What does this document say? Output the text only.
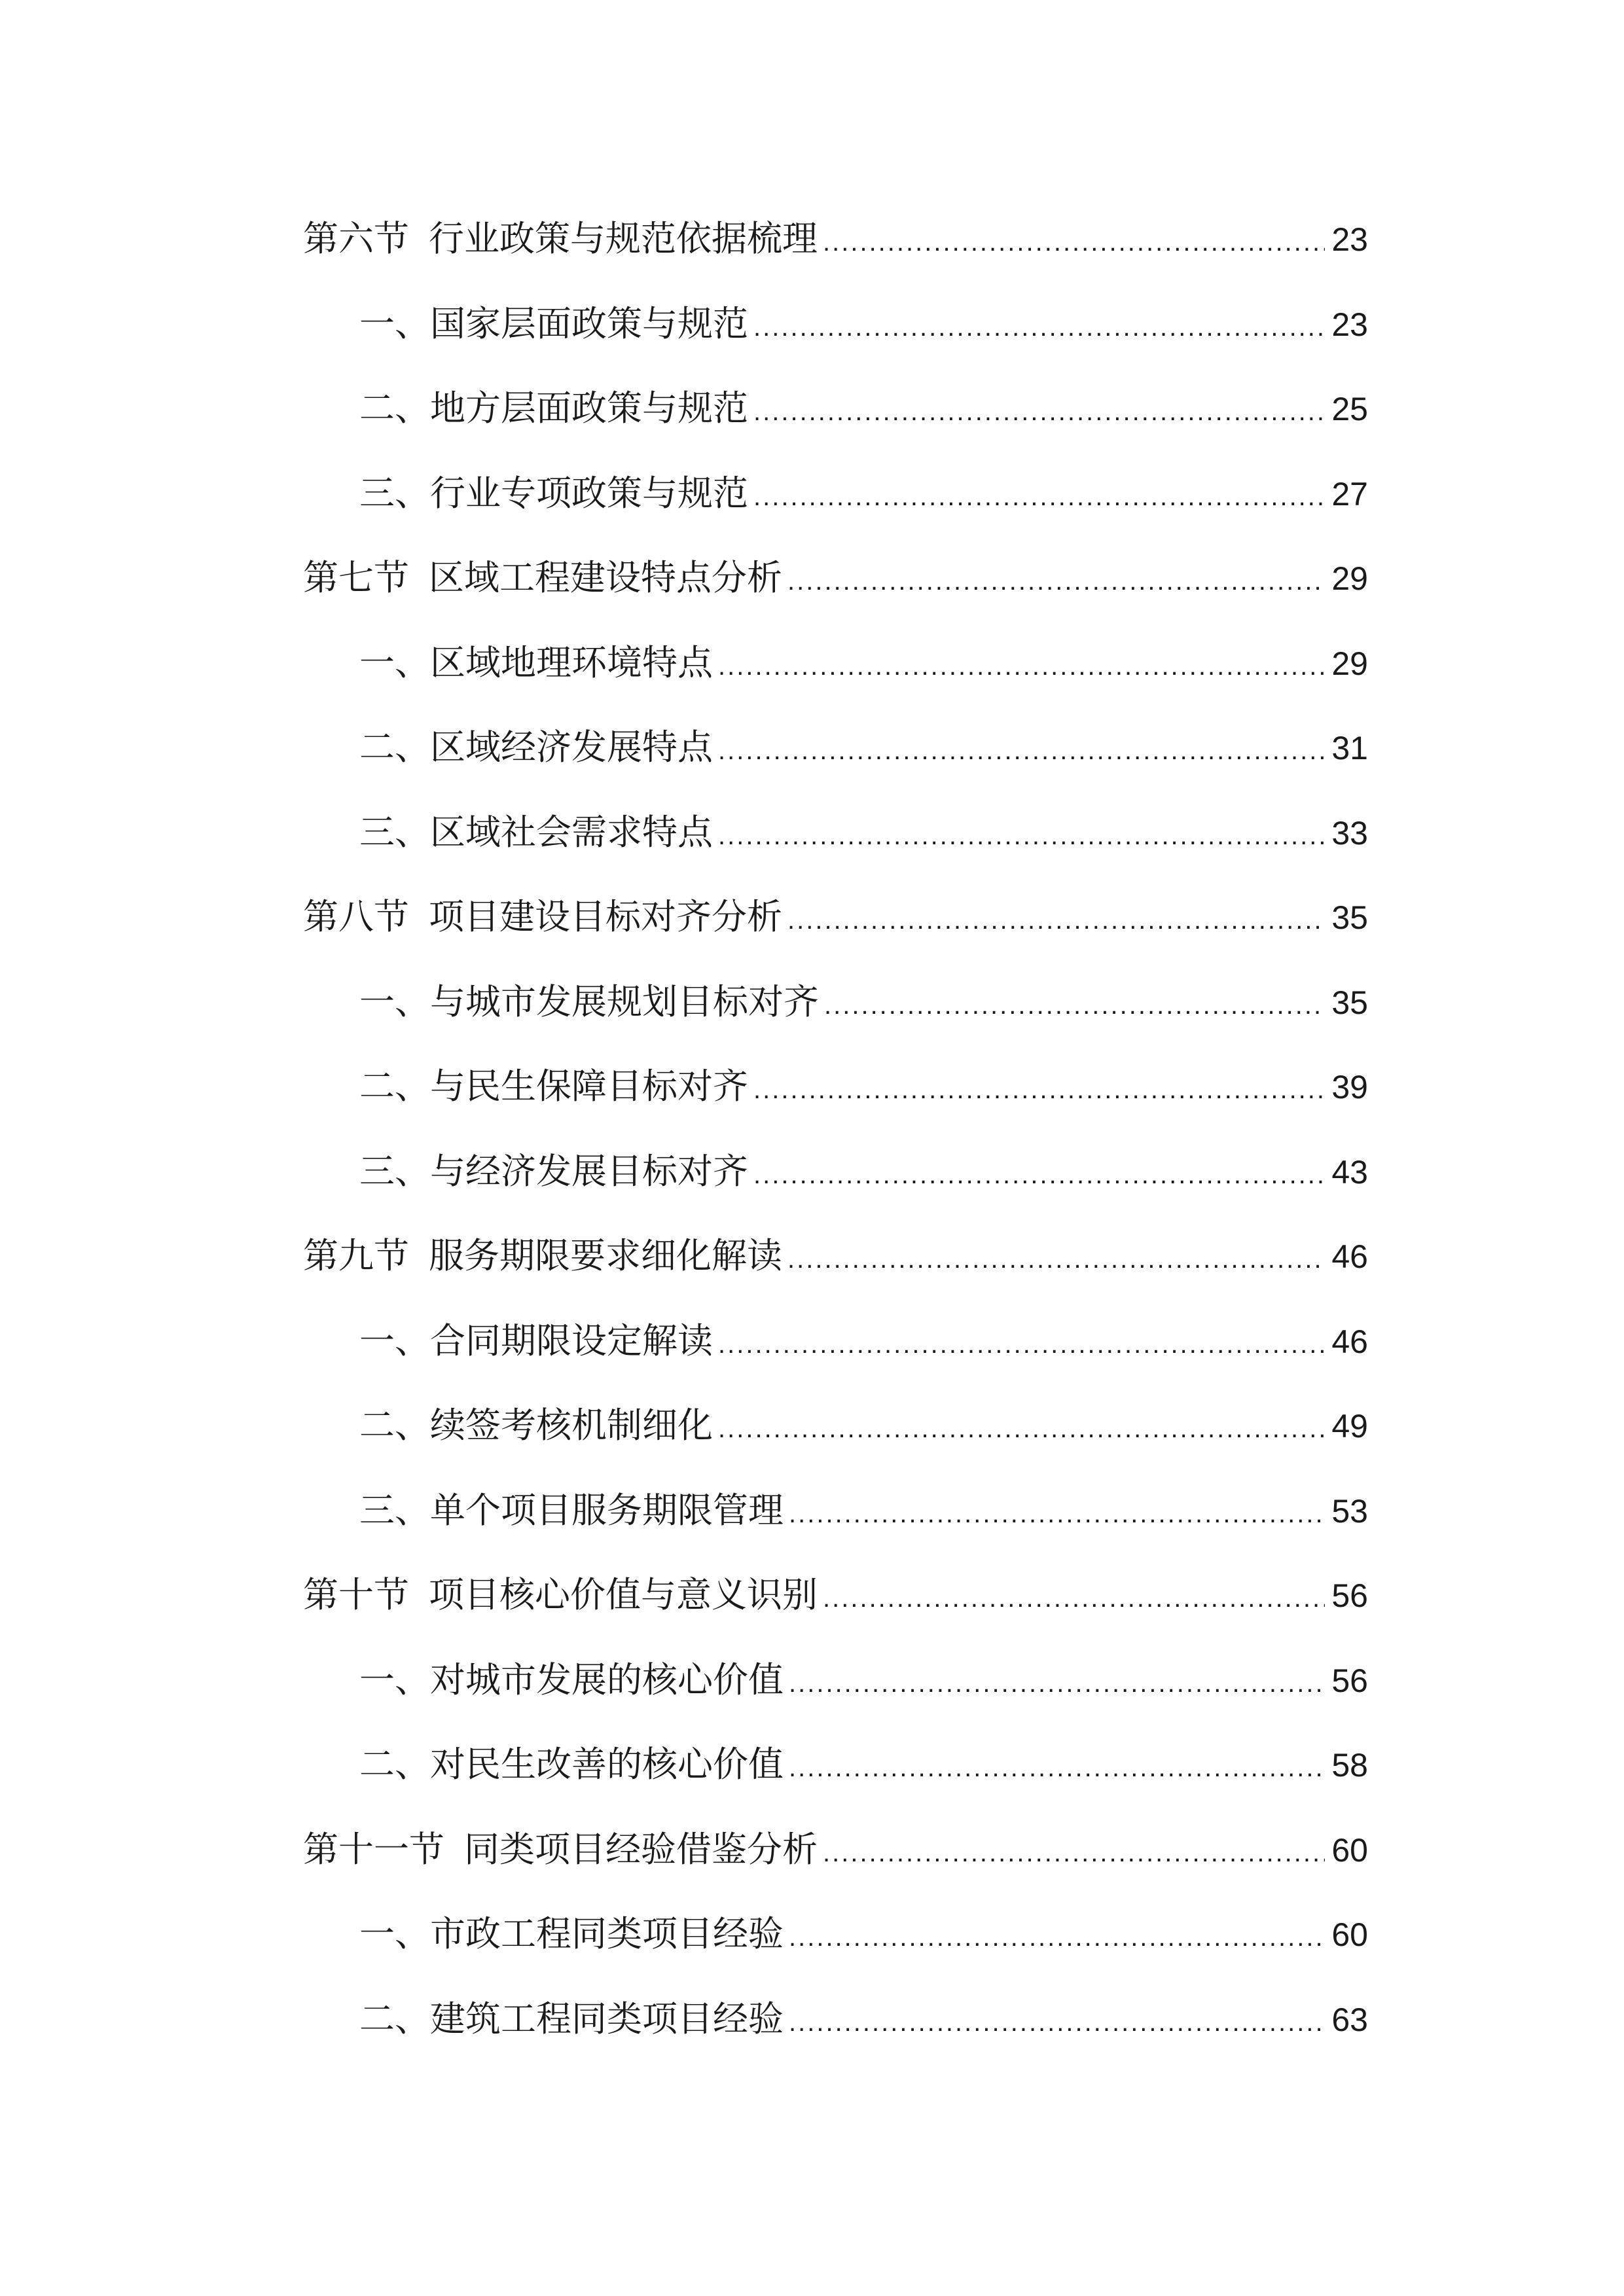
第六节 行业政策与规范依据梳理 .....	23
一、国家层面政策与规范 .....	23
二、地方层面政策与规范 .....	25
三、行业专项政策与规范 .....	27
第七节 区域工程建设特点分析 .....	29
一、区域地理环境特点 .....	29
二、区域经济发展特点 .....	31
三、区域社会需求特点 .....	33
第八节 项目建设目标对齐分析 .....	35
一、与城市发展规划目标对齐 .....	35
二、与民生保障目标对齐 .....	39
三、与经济发展目标对齐 .....	43
第九节 服务期限要求细化解读 .....	46
一、合同期限设定解读 .....	46
二、续签考核机制细化 .....	49
三、单个项目服务期限管理 .....	53
第十节 项目核心价值与意义识别 .....	56
一、对城市发展的核心价值 .....	56
二、对民生改善的核心价值 .....	58
第十一节 同类项目经验借鉴分析 .....	60
一、市政工程同类项目经验 .....	60
二、建筑工程同类项目经验 .....	63
